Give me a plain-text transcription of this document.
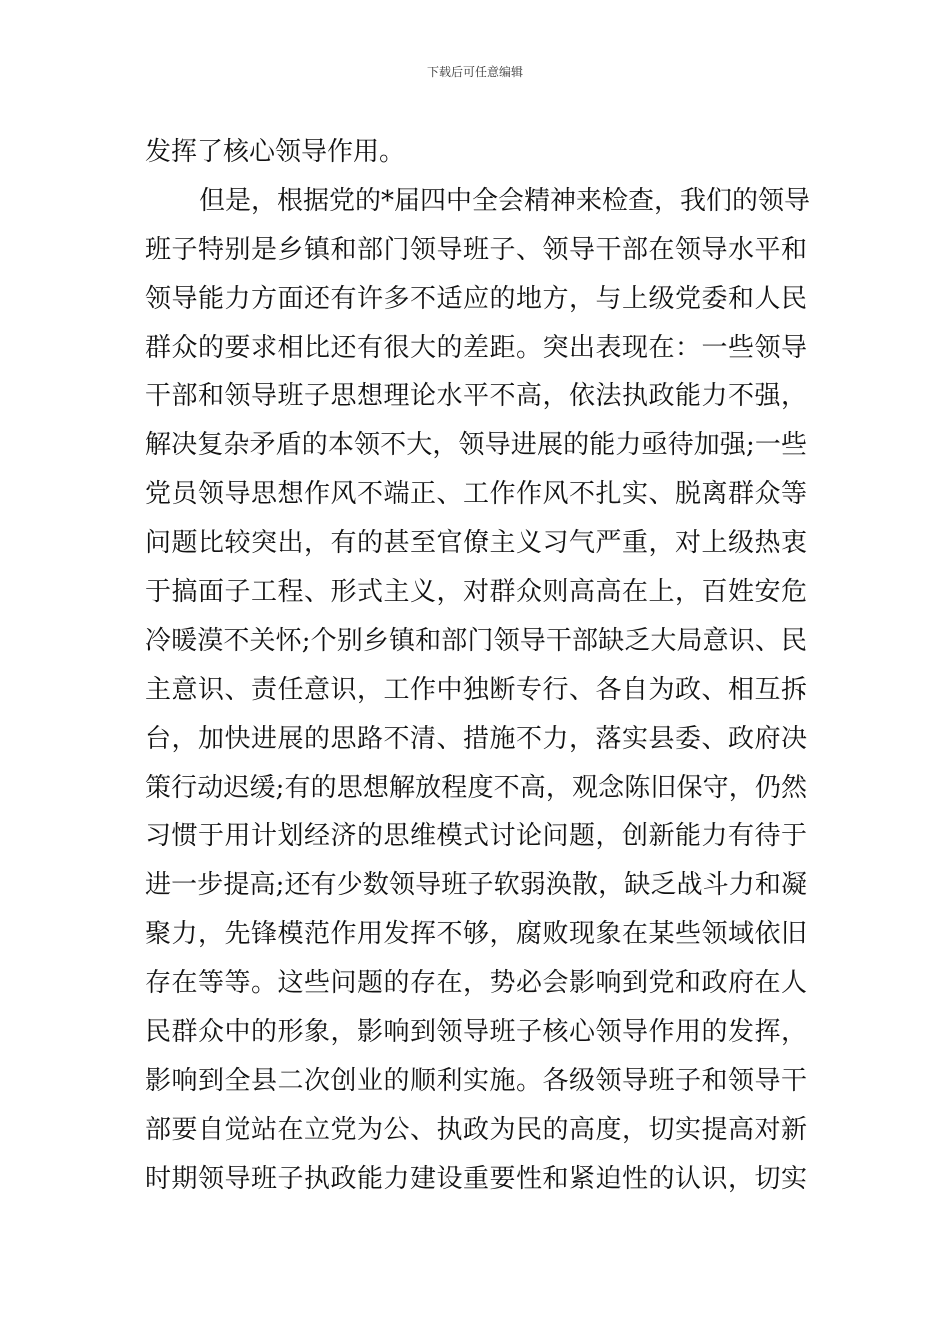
下载后可任意编辑
发挥了核心领导作用。
但是，根据党的*届四中全会精神来检查，我们的领导
班子特别是乡镇和部门领导班子、领导干部在领导水平和
领导能力方面还有许多不适应的地方，与上级党委和人民
群众的要求相比还有很大的差距。突出表现在：一些领导
干部和领导班子思想理论水平不高，依法执政能力不强，
解决复杂矛盾的本领不大，领导进展的能力亟待加强;一些
党员领导思想作风不端正、工作作风不扎实、脱离群众等
问题比较突出，有的甚至官僚主义习气严重，对上级热衷
于搞面子工程、形式主义，对群众则高高在上，百姓安危
冷暖漠不关怀;个别乡镇和部门领导干部缺乏大局意识、民
主意识、责任意识，工作中独断专行、各自为政、相互拆
台，加快进展的思路不清、措施不力，落实县委、政府决
策行动迟缓;有的思想解放程度不高，观念陈旧保守，仍然
习惯于用计划经济的思维模式讨论问题，创新能力有待于
进一步提高;还有少数领导班子软弱涣散，缺乏战斗力和凝
聚力，先锋模范作用发挥不够，腐败现象在某些领域依旧
存在等等。这些问题的存在，势必会影响到党和政府在人
民群众中的形象，影响到领导班子核心领导作用的发挥，
影响到全县二次创业的顺利实施。各级领导班子和领导干
部要自觉站在立党为公、执政为民的高度，切实提高对新
时期领导班子执政能力建设重要性和紧迫性的认识，切实
